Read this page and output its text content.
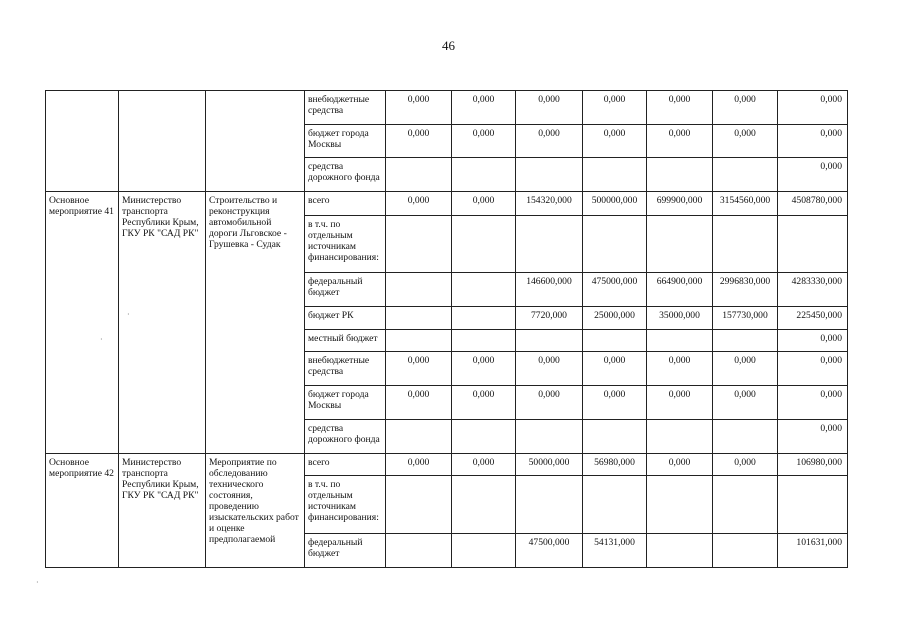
46
			внебюджетные средства	0,000	0,000	0,000	0,000	0,000	0,000	0,000
			бюджет города Москвы	0,000	0,000	0,000	0,000	0,000	0,000	0,000
			средства дорожного фонда							0,000
Основное мероприятие 41	Министерство транспорта Республики Крым, ГКУ РК "САД РК"	Строительство и реконструкция автомобильной дороги Льговское - Грушевка - Судак	всего	0,000	0,000	154320,000	500000,000	699900,000	3154560,000	4508780,000
			в т.ч. по отдельным источникам финансирования:							
			федеральный бюджет			146600,000	475000,000	664900,000	2996830,000	4283330,000
			бюджет РК			7720,000	25000,000	35000,000	157730,000	225450,000
			местный бюджет							0,000
			внебюджетные средства	0,000	0,000	0,000	0,000	0,000	0,000	0,000
			бюджет города Москвы	0,000	0,000	0,000	0,000	0,000	0,000	0,000
			средства дорожного фонда							0,000
Основное мероприятие 42	Министерство транспорта Республики Крым, ГКУ РК "САД РК"	Мероприятие по обследованию технического состояния, проведению изыскательских работ и оценке предполагаемой	всего	0,000	0,000	50000,000	56980,000	0,000	0,000	106980,000
			в т.ч. по отдельным источникам финансирования:							
			федеральный бюджет			47500,000	54131,000			101631,000
·
·
·
